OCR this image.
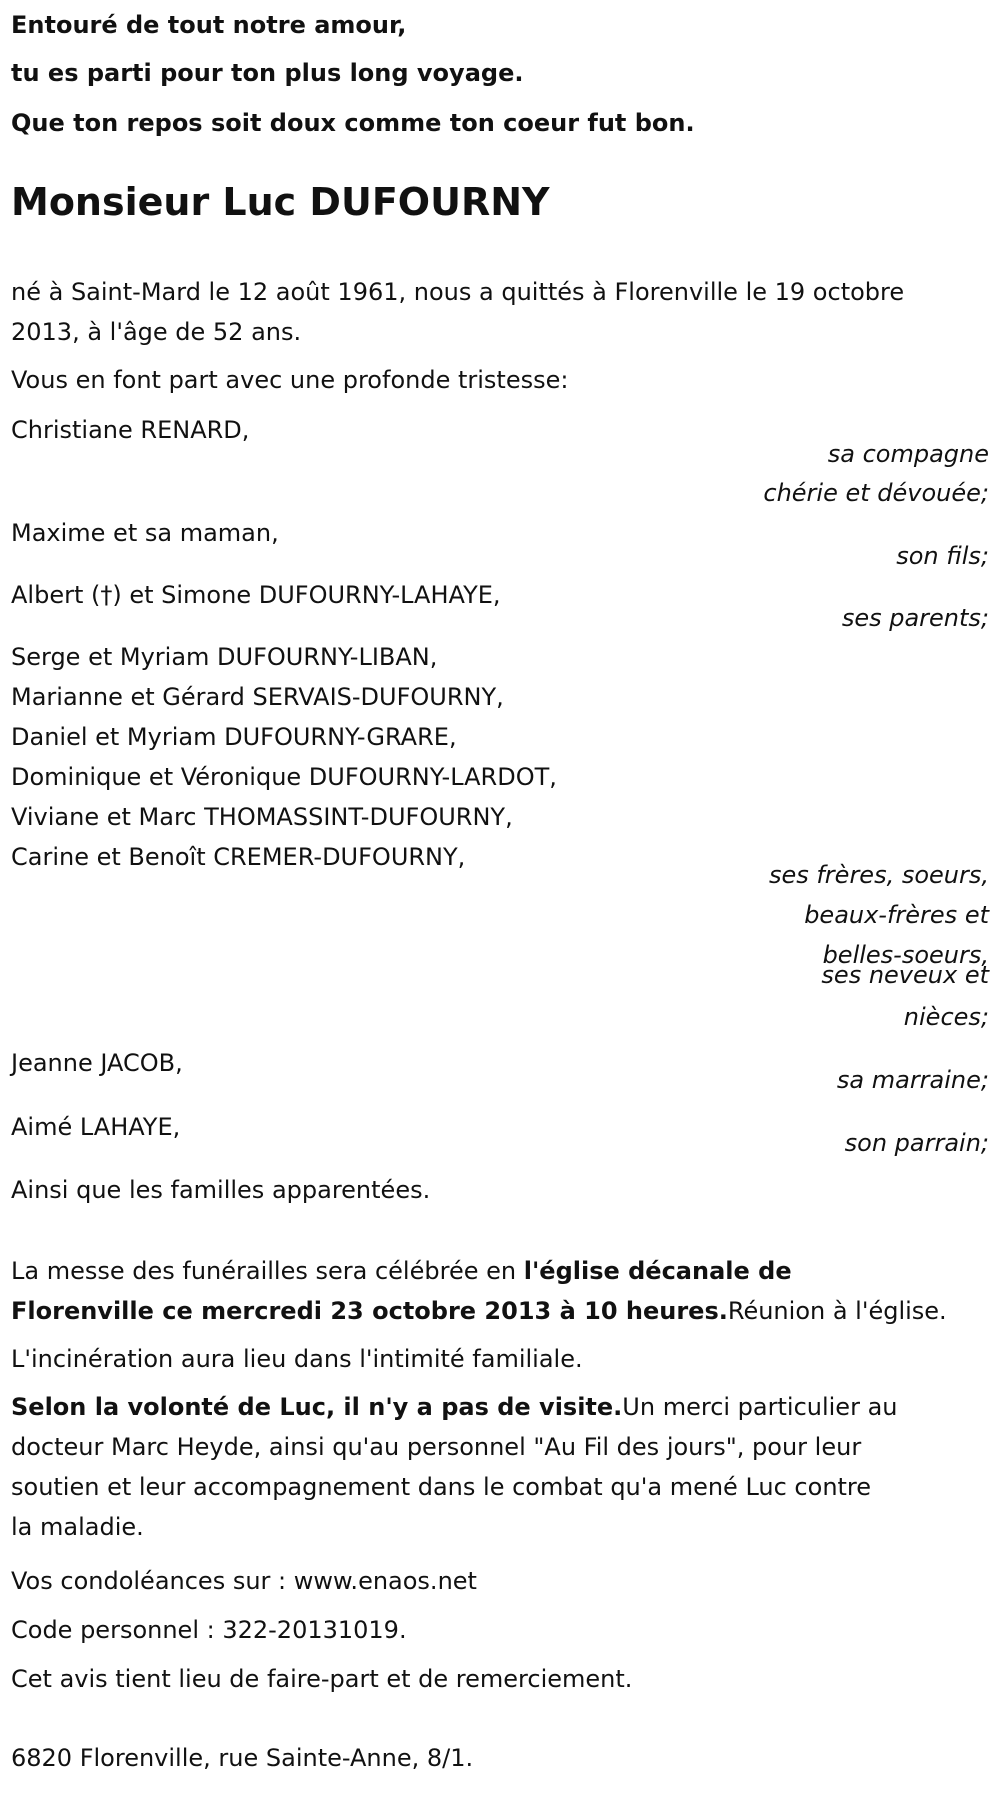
Entouré de tout notre amour,
tu es parti pour ton plus long voyage.
Que ton repos soit doux comme ton coeur fut bon.
Monsieur Luc DUFOURNY
né à Saint-Mard le 12 août 1961, nous a quittés à Florenville le 19 octobre
2013, à l'âge de 52 ans.
Vous en font part avec une profonde tristesse:
Christiane RENARD,
sa compagne
chérie et dévouée;
Maxime et sa maman,
son fils;
Albert (†) et Simone DUFOURNY-LAHAYE,
ses parents;
Serge et Myriam DUFOURNY-LIBAN,
Marianne et Gérard SERVAIS-DUFOURNY,
Daniel et Myriam DUFOURNY-GRARE,
Dominique et Véronique DUFOURNY-LARDOT,
Viviane et Marc THOMASSINT-DUFOURNY,
Carine et Benoît CREMER-DUFOURNY,
ses frères, soeurs,
beaux-frères et
belles-soeurs,
ses neveux et
nièces;
Jeanne JACOB,
sa marraine;
Aimé LAHAYE,
son parrain;
Ainsi que les familles apparentées.
La messe des funérailles sera célébrée en l'église décanale de
Florenville ce mercredi 23 octobre 2013 à 10 heures.Réunion à l'église.
L'incinération aura lieu dans l'intimité familiale.
Selon la volonté de Luc, il n'y a pas de visite.Un merci particulier au
docteur Marc Heyde, ainsi qu'au personnel "Au Fil des jours", pour leur
soutien et leur accompagnement dans le combat qu'a mené Luc contre
la maladie.
Vos condoléances sur : www.enaos.net
Code personnel : 322-20131019.
Cet avis tient lieu de faire-part et de remerciement.
6820 Florenville, rue Sainte-Anne, 8/1.
